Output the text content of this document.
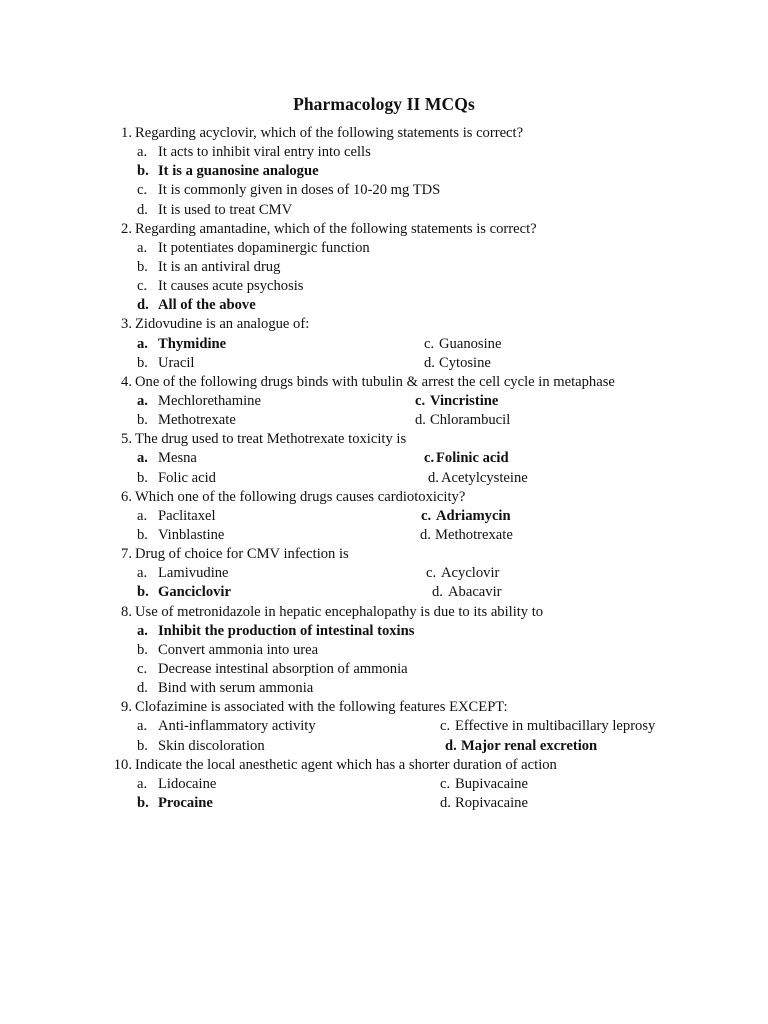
Pharmacology II MCQs
1. Regarding acyclovir, which of the following statements is correct?
a. It acts to inhibit viral entry into cells
b. It is a guanosine analogue
c. It is commonly given in doses of 10-20 mg TDS
d. It is used to treat CMV
2. Regarding amantadine, which of the following statements is correct?
a. It potentiates dopaminergic function
b. It is an antiviral drug
c. It causes acute psychosis
d. All of the above
3. Zidovudine is an analogue of:
a. Thymidine	c. Guanosine
b. Uracil	d. Cytosine
4. One of the following drugs binds with tubulin & arrest the cell cycle in metaphase
a. Mechlorethamine	c. Vincristine
b. Methotrexate	d. Chlorambucil
5. The drug used to treat Methotrexate toxicity is
a. Mesna	c. Folinic acid
b. Folic acid	d. Acetylcysteine
6. Which one of the following drugs causes cardiotoxicity?
a. Paclitaxel	c. Adriamycin
b. Vinblastine	d. Methotrexate
7. Drug of choice for CMV infection is
a. Lamivudine	c. Acyclovir
b. Ganciclovir	d. Abacavir
8. Use of metronidazole in hepatic encephalopathy is due to its ability to
a. Inhibit the production of intestinal toxins
b. Convert ammonia into urea
c. Decrease intestinal absorption of ammonia
d. Bind with serum ammonia
9. Clofazimine is associated with the following features EXCEPT:
a. Anti-inflammatory activity	c. Effective in multibacillary leprosy
b. Skin discoloration	d. Major renal excretion
10. Indicate the local anesthetic agent which has a shorter duration of action
a. Lidocaine	c. Bupivacaine
b. Procaine	d. Ropivacaine
